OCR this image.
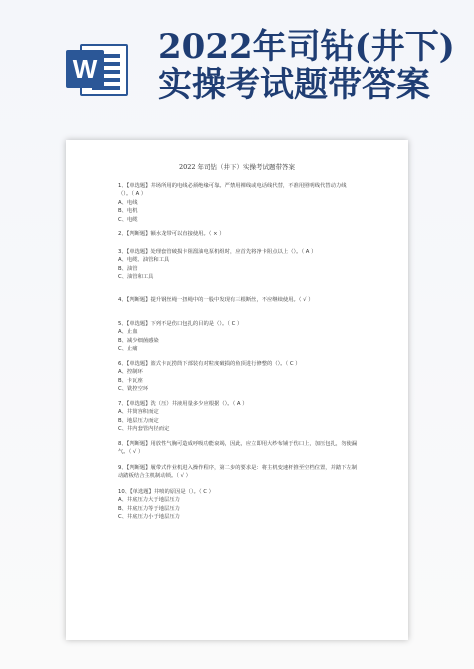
W
2022年司钻(井下)实操考试题带答案
2022 年司钻（井下）实操考试题带答案
1、【单选题】井场所用的电线必须绝缘可靠。严禁用裸线或电话线代替，不准用照明线代替动力线（）。（ A ）
A、电线
B、电机
C、电缆
2、【判断题】额水龙带可以直接使用。（ × ）
3、【单选题】处理套管破损卡阻溜油电泵机组时，应首先将净卡阻点以上（）。（ A ）
A、电缆、油管和工具
B、油管
C、油管和工具
4、【判断题】提升钢丝绳一扭绳中的一股中发现有三根断丝，不应继续使用。（ √ ）
5、【单选题】下列不是伤口包扎的目的是（）。（ C ）
A、止血
B、减少细菌感染
C、止痛
6、【单选题】篮式卡瓦捞筒下部装有对粒度破损的鱼顶进行修整的（）。（ C ）
A、控制环
B、卡瓦座
C、铣控空环
7、【单选题】洗（压）井液用量多少应根据（）。（ A ）
A、井筒容积而定
B、地层压力而定
C、井内套管内径而定
8、【判断题】用放性气胸可造成呼吸功能衰竭，因此，应立即用大纱布铺于伤口上，加压包扎，勿使漏气。（ √ ）
9、【判断题】履带式作业机进入操作程序，第二步的要求是：将主机变速杆推至空档位置，并踏下左制动踏板结合主机制动锁。（ √ ）
10、【单选题】井喷的原因是（）。（ C ）
A、井底压力大于地层压力
B、井底压力等于地层压力
C、井底压力小于地层压力
